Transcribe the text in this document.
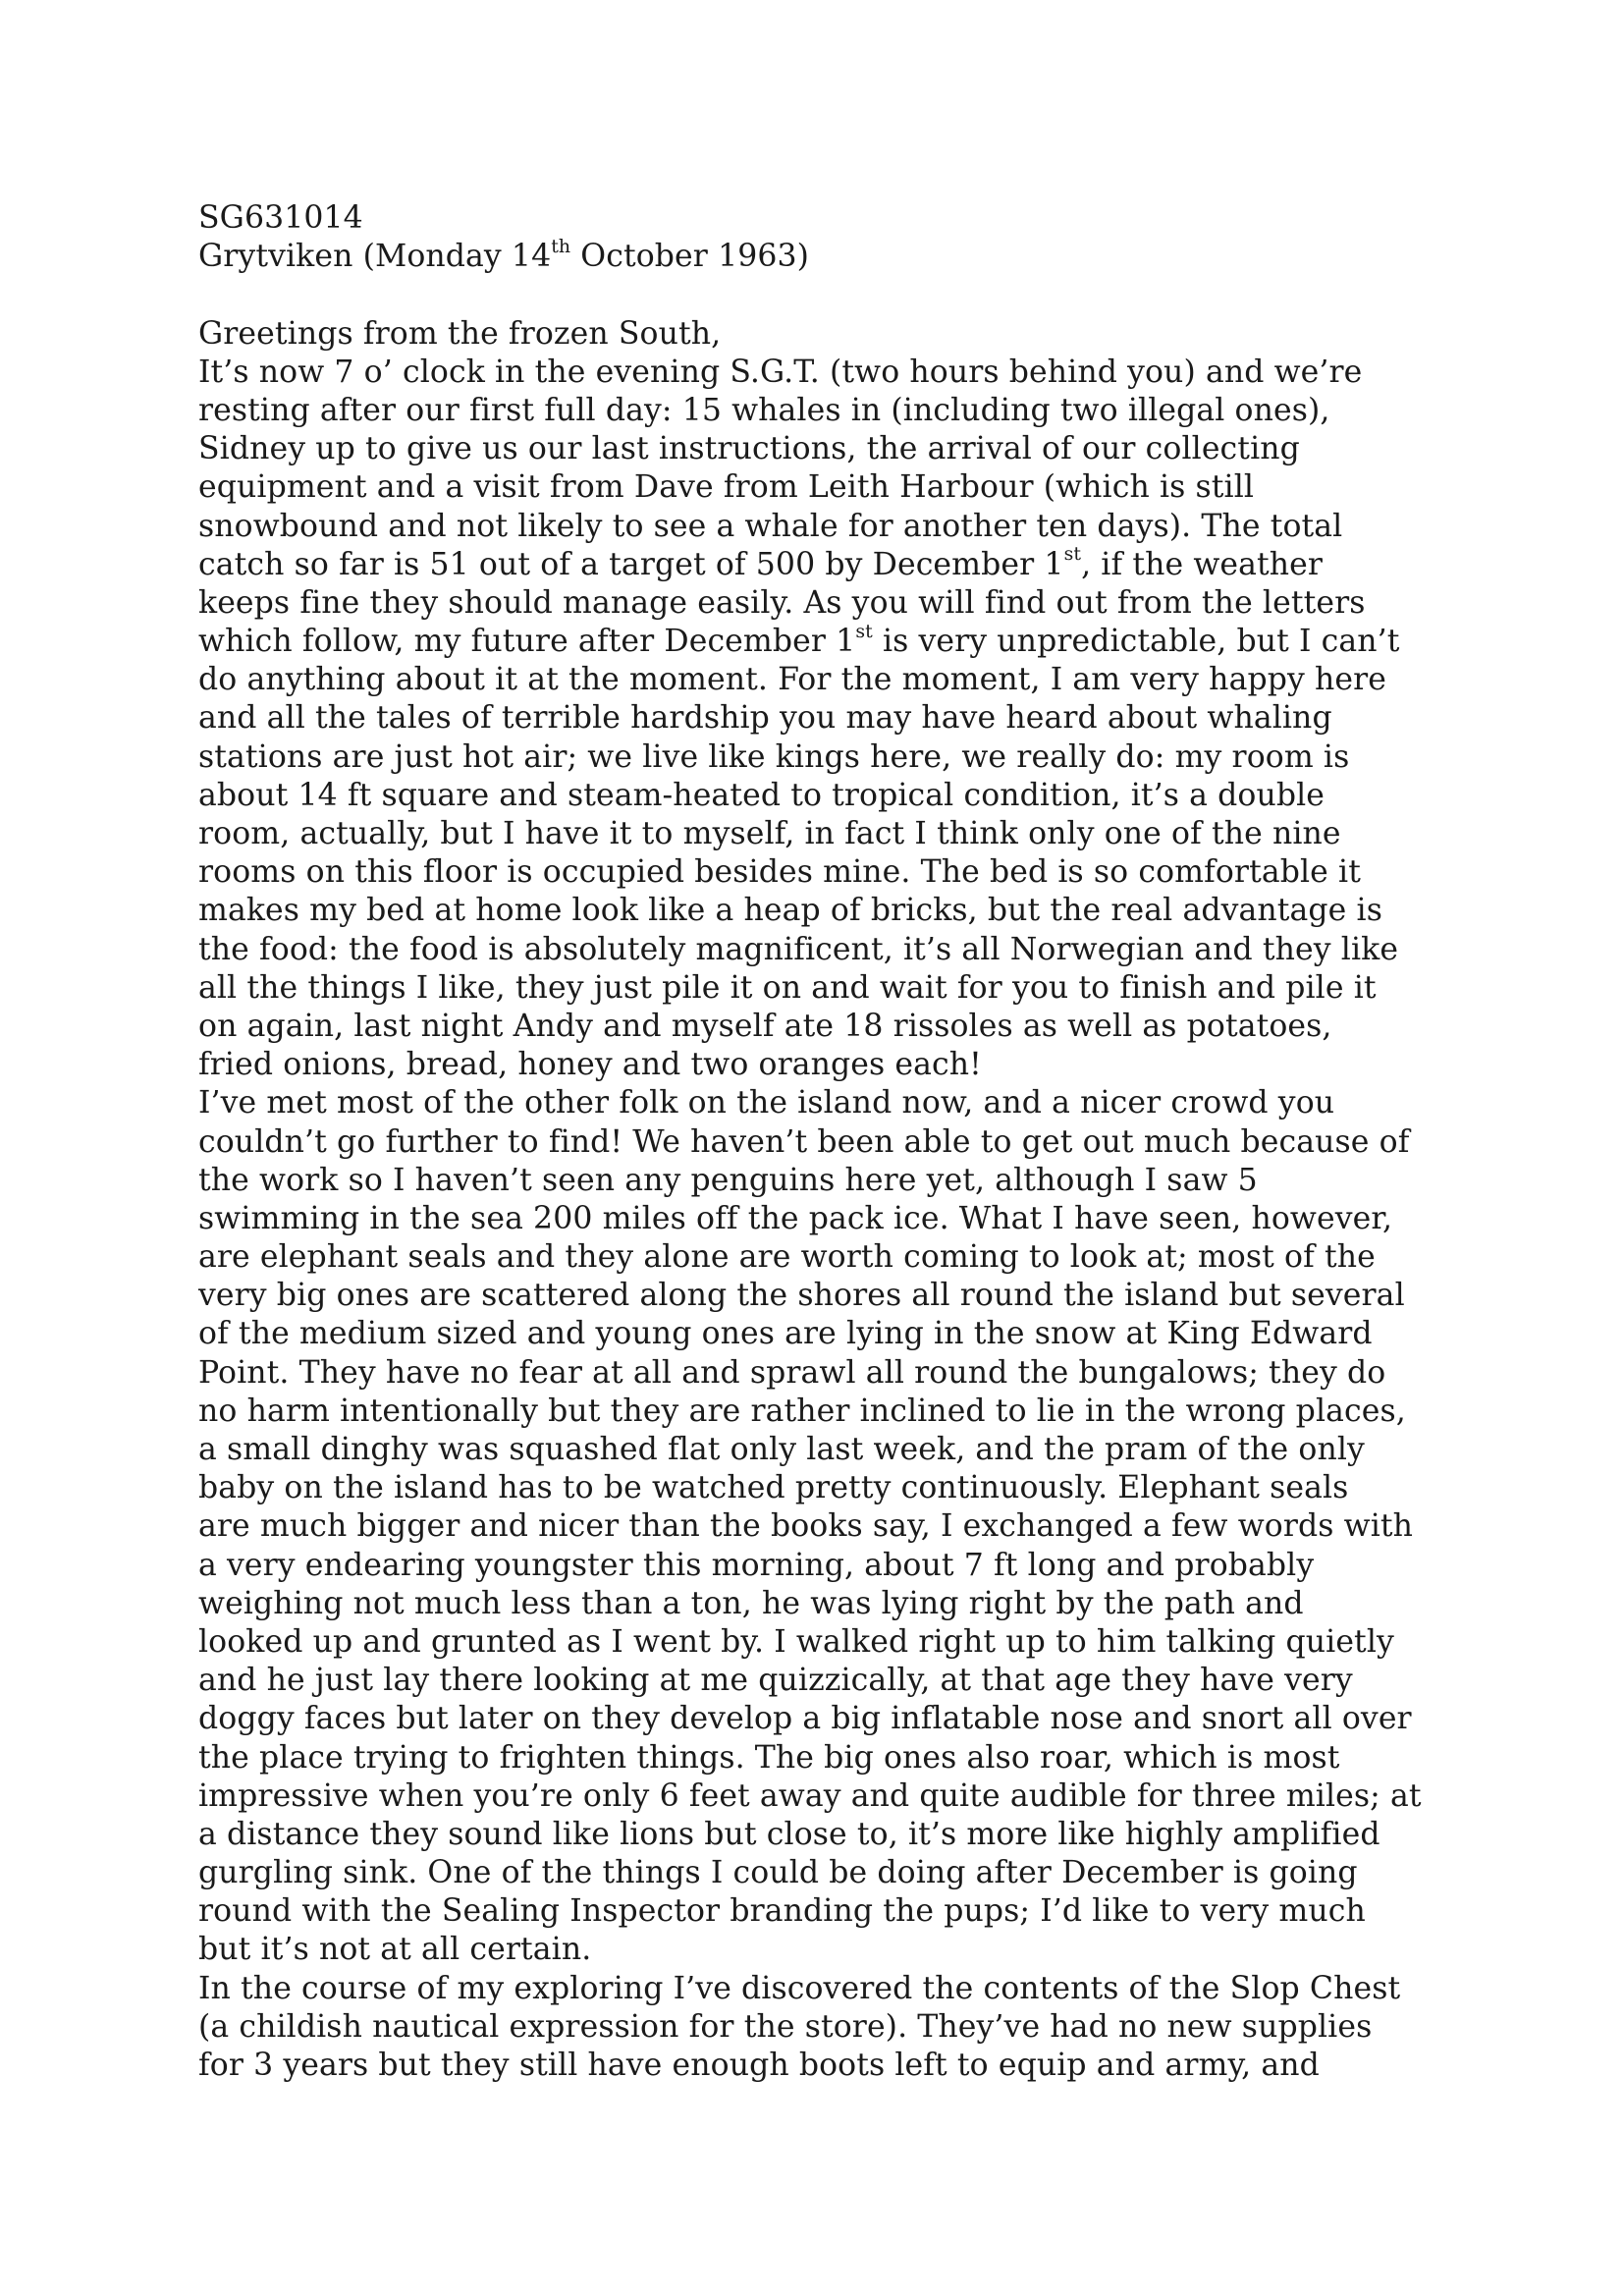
SG631014
Grytviken (Monday 14th October 1963)
Greetings from the frozen South,
It’s now 7 o’ clock in the evening S.G.T. (two hours behind you) and we’re
resting after our first full day: 15 whales in (including two illegal ones),
Sidney up to give us our last instructions, the arrival of our collecting
equipment and a visit from Dave from Leith Harbour (which is still
snowbound and not likely to see a whale for another ten days). The total
catch so far is 51 out of a target of 500 by December 1st, if the weather
keeps fine they should manage easily. As you will find out from the letters
which follow, my future after December 1st is very unpredictable, but I can’t
do anything about it at the moment. For the moment, I am very happy here
and all the tales of terrible hardship you may have heard about whaling
stations are just hot air; we live like kings here, we really do: my room is
about 14 ft square and steam-heated to tropical condition, it’s a double
room, actually, but I have it to myself, in fact I think only one of the nine
rooms on this floor is occupied besides mine. The bed is so comfortable it
makes my bed at home look like a heap of bricks, but the real advantage is
the food: the food is absolutely magnificent, it’s all Norwegian and they like
all the things I like, they just pile it on and wait for you to finish and pile it
on again, last night Andy and myself ate 18 rissoles as well as potatoes,
fried onions, bread, honey and two oranges each!
I’ve met most of the other folk on the island now, and a nicer crowd you
couldn’t go further to find! We haven’t been able to get out much because of
the work so I haven’t seen any penguins here yet, although I saw 5
swimming in the sea 200 miles off the pack ice. What I have seen, however,
are elephant seals and they alone are worth coming to look at; most of the
very big ones are scattered along the shores all round the island but several
of the medium sized and young ones are lying in the snow at King Edward
Point. They have no fear at all and sprawl all round the bungalows; they do
no harm intentionally but they are rather inclined to lie in the wrong places,
a small dinghy was squashed flat only last week, and the pram of the only
baby on the island has to be watched pretty continuously. Elephant seals
are much bigger and nicer than the books say, I exchanged a few words with
a very endearing youngster this morning, about 7 ft long and probably
weighing not much less than a ton, he was lying right by the path and
looked up and grunted as I went by. I walked right up to him talking quietly
and he just lay there looking at me quizzically, at that age they have very
doggy faces but later on they develop a big inflatable nose and snort all over
the place trying to frighten things. The big ones also roar, which is most
impressive when you’re only 6 feet away and quite audible for three miles; at
a distance they sound like lions but close to, it’s more like highly amplified
gurgling sink. One of the things I could be doing after December is going
round with the Sealing Inspector branding the pups; I’d like to very much
but it’s not at all certain.
In the course of my exploring I’ve discovered the contents of the Slop Chest
(a childish nautical expression for the store). They’ve had no new supplies
for 3 years but they still have enough boots left to equip and army, and
